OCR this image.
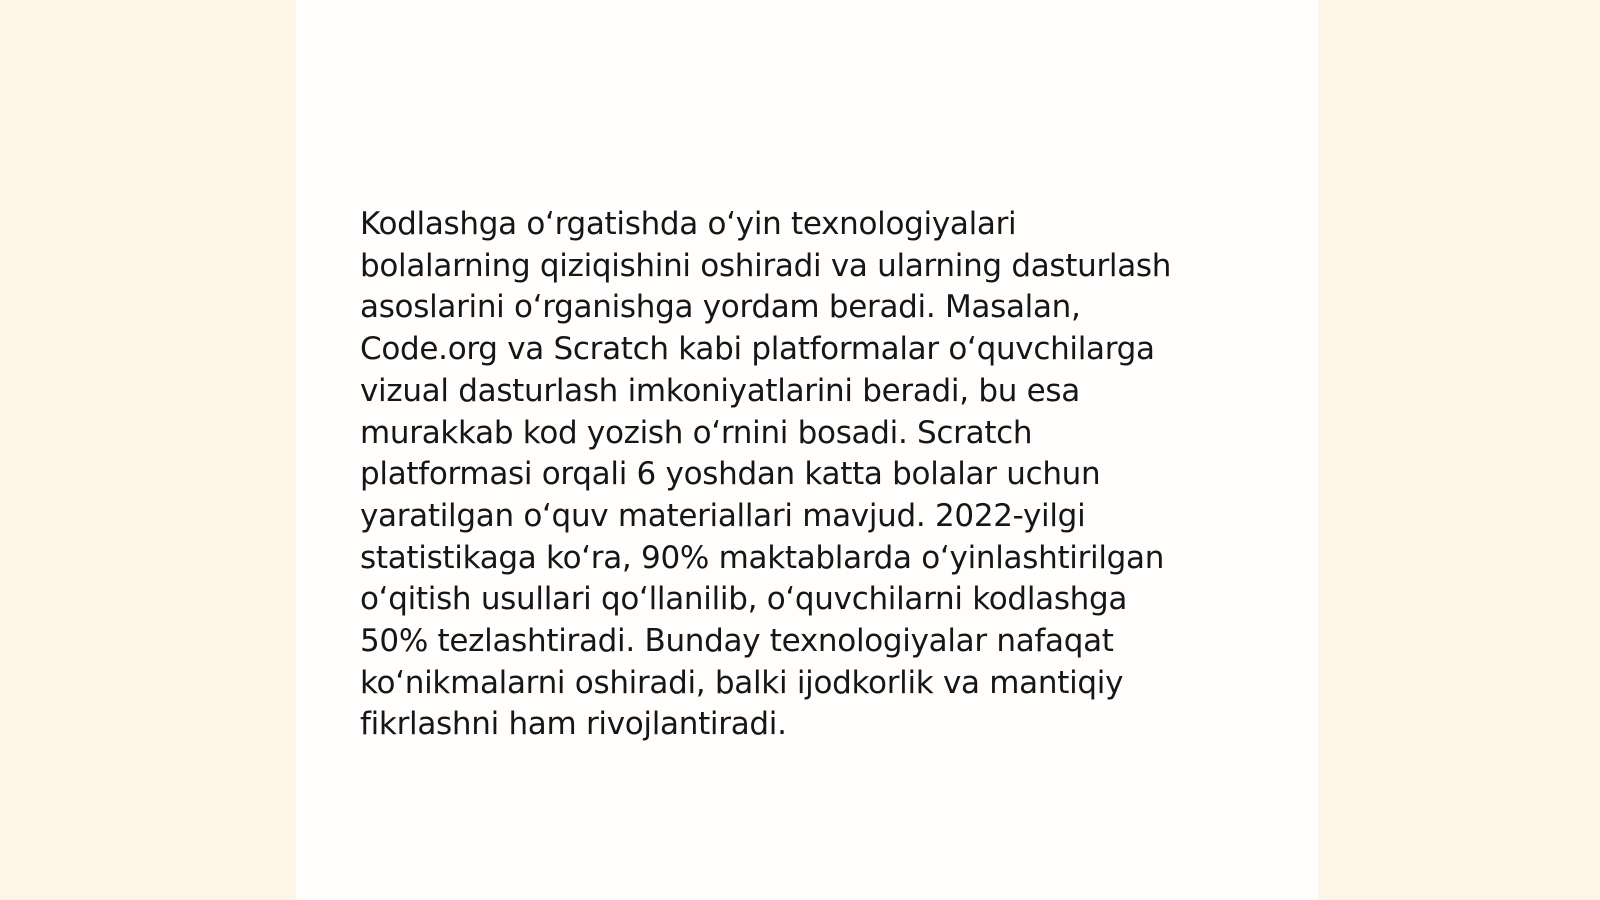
Kodlashga o‘rgatishda o‘yin texnologiyalari
bolalarning qiziqishini oshiradi va ularning dasturlash
asoslarini o‘rganishga yordam beradi. Masalan,
Code.org va Scratch kabi platformalar o‘quvchilarga
vizual dasturlash imkoniyatlarini beradi, bu esa
murakkab kod yozish o‘rnini bosadi. Scratch
platformasi orqali 6 yoshdan katta bolalar uchun
yaratilgan o‘quv materiallari mavjud. 2022-yilgi
statistikaga ko‘ra, 90% maktablarda o‘yinlashtirilgan
o‘qitish usullari qo‘llanilib, o‘quvchilarni kodlashga
50% tezlashtiradi. Bunday texnologiyalar nafaqat
ko‘nikmalarni oshiradi, balki ijodkorlik va mantiqiy
fikrlashni ham rivojlantiradi.
